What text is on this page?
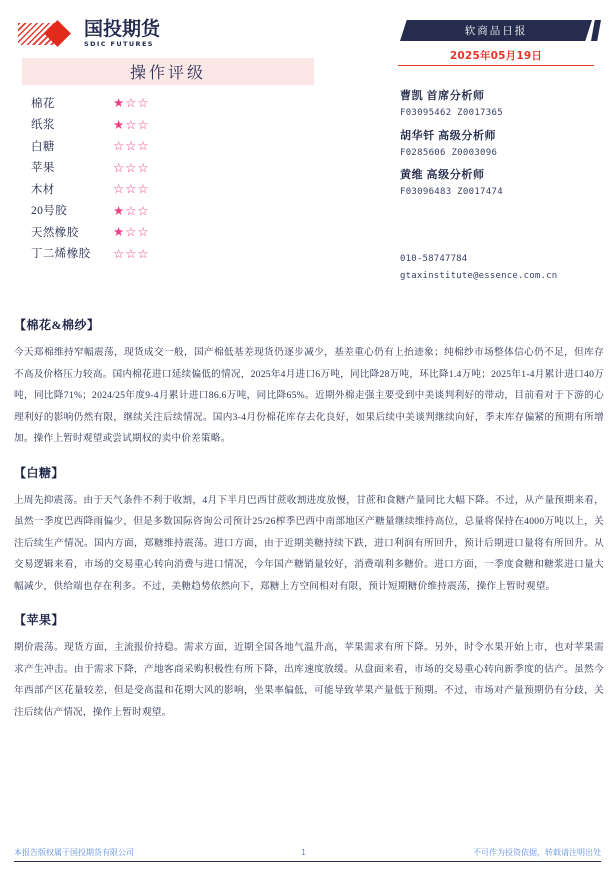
国投期货
SDIC FUTURES
软商品日报
2025年05月19日
操作评级
棉花	★☆☆
纸浆	★☆☆
白糖	☆☆☆
苹果	☆☆☆
木材	☆☆☆
20号胶	★☆☆
天然橡胶	★☆☆
丁二烯橡胶	☆☆☆
曹凯 首席分析师
F03095462 Z0017365
胡华钎 高级分析师
F0285606 Z0003096
黄维 高级分析师
F03096483 Z0017474
010-58747784
gtaxinstitute@essence.com.cn
【棉花&棉纱】
今天郑棉维持窄幅震荡，现货成交一般，国产棉低基差现货仍逐步减少，基差重心仍有上抬迹象；纯棉纱市场整体信心仍不足，但库存不高及价格压力较高。国内棉花进口延续偏低的情况，2025年4月进口6万吨，同比降28万吨，环比降1.4万吨；2025年1-4月累计进口40万吨，同比降71%；2024/25年度9-4月累计进口86.6万吨，同比降65%。近期外棉走强主要受到中美谈判利好的带动，目前看对于下游的心理利好的影响仍然有限，继续关注后续情况。国内3-4月份棉花库存去化良好，如果后续中美谈判继续向好，季末库存偏紧的预期有所增加。操作上暂时观望或尝试期权的卖中价差策略。
【白糖】
上周先抑震荡。由于天气条件不利于收割，4月下半月巴西甘蔗收割进度放慢，甘蔗和食糖产量同比大幅下降。不过，从产量预期来看，虽然一季度巴西降雨偏少，但是多数国际咨询公司预计25/26榨季巴西中南部地区产糖量继续维持高位，总量将保持在4000万吨以上，关注后续生产情况。国内方面，郑糖维持震荡。进口方面，由于近期美糖持续下跌，进口利润有所回升，预计后期进口量将有所回升。从交易逻辑来看，市场的交易重心转向消费与进口情况，今年国产糖销量较好，消费端利多糖价。进口方面，一季度食糖和糖浆进口量大幅减少，供给端也存在利多。不过，美糖趋势依然向下，郑糖上方空间相对有限，预计短期糖价维持震荡，操作上暂时观望。
【苹果】
期价震荡。现货方面，主流报价持稳。需求方面，近期全国各地气温升高，苹果需求有所下降。另外，时令水果开始上市，也对苹果需求产生冲击。由于需求下降，产地客商采购积极性有所下降，出库速度放缓。从盘面来看，市场的交易重心转向新季度的估产。虽然今年西部产区花量较差，但是受高温和花期大风的影响，坐果率偏低，可能导致苹果产量低于预期。不过，市场对产量预期仍有分歧，关注后续估产情况，操作上暂时观望。
本报告版权属于国投期货有限公司	1	不可作为投资依据，转载请注明出处
